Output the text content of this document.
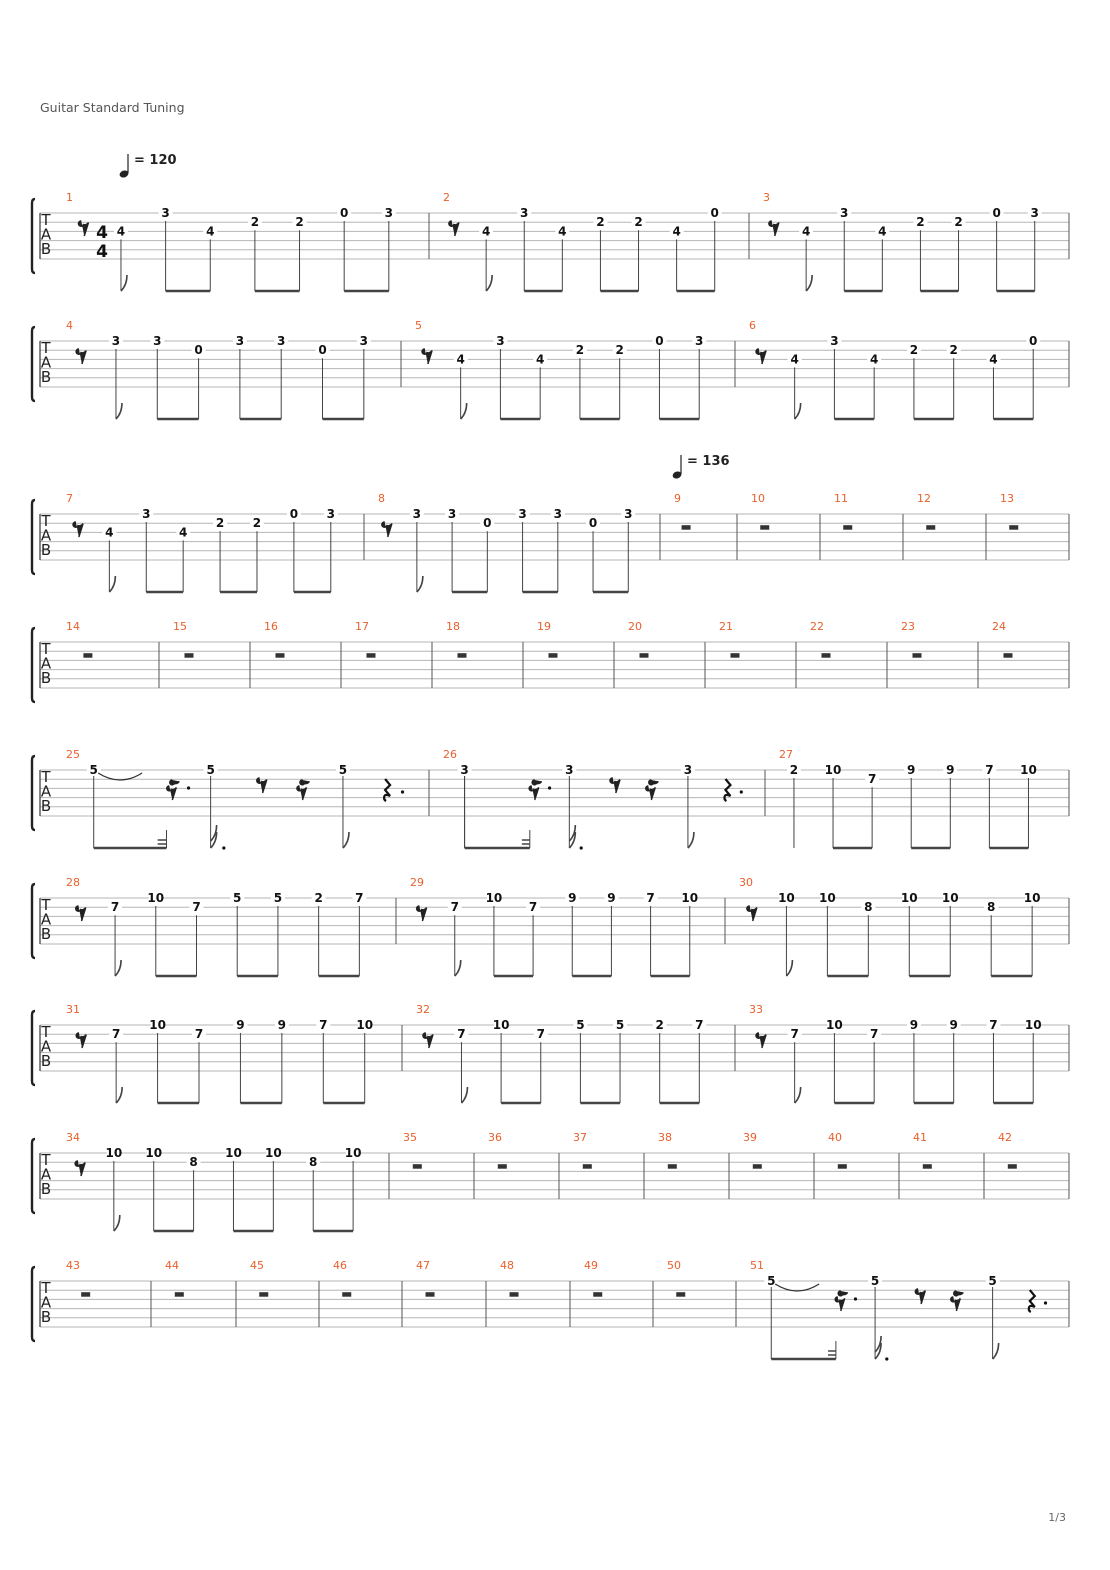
Guitar Standard Tuning
T
A
B
4
4
1
4
3
4
2	2
0	3
2
4
3
4
2 2
4
0
3
4
3
4
2 2
0 3
T
A
B
4
3	3
0
3	3
0
3
5
4
3
4
2	2
0	3
6
4
3
4
2	2
4
0
T
A
B
7
4
3
4
2 2
0 3
8
3 3
0
3 3
0
3
9	10	11	12	13
T
A
B
14	15	16	17	18	19	20	21	22	23	24
T
A
B
25
5	5	5
26
3	3	3
27
2 10
7
9	9	7 10
T
A
B
28
7
10
7
5	5	2	7
29
7
10
7
9	9	7 10
30
10 10
8
10 10
8
10
T
A
B
31
7
10
7
9	9	7 10
32
7
10
7
5	5	2	7
33
7
10
7
9	9	7 10
T
A
B
34
10 10
8
10 10
8
10
35	36	37	38	39	40	41	42
T
A
B
43	44	45	46	47	48	49	50	51
5	5	5
= 120
= 136
1/3
